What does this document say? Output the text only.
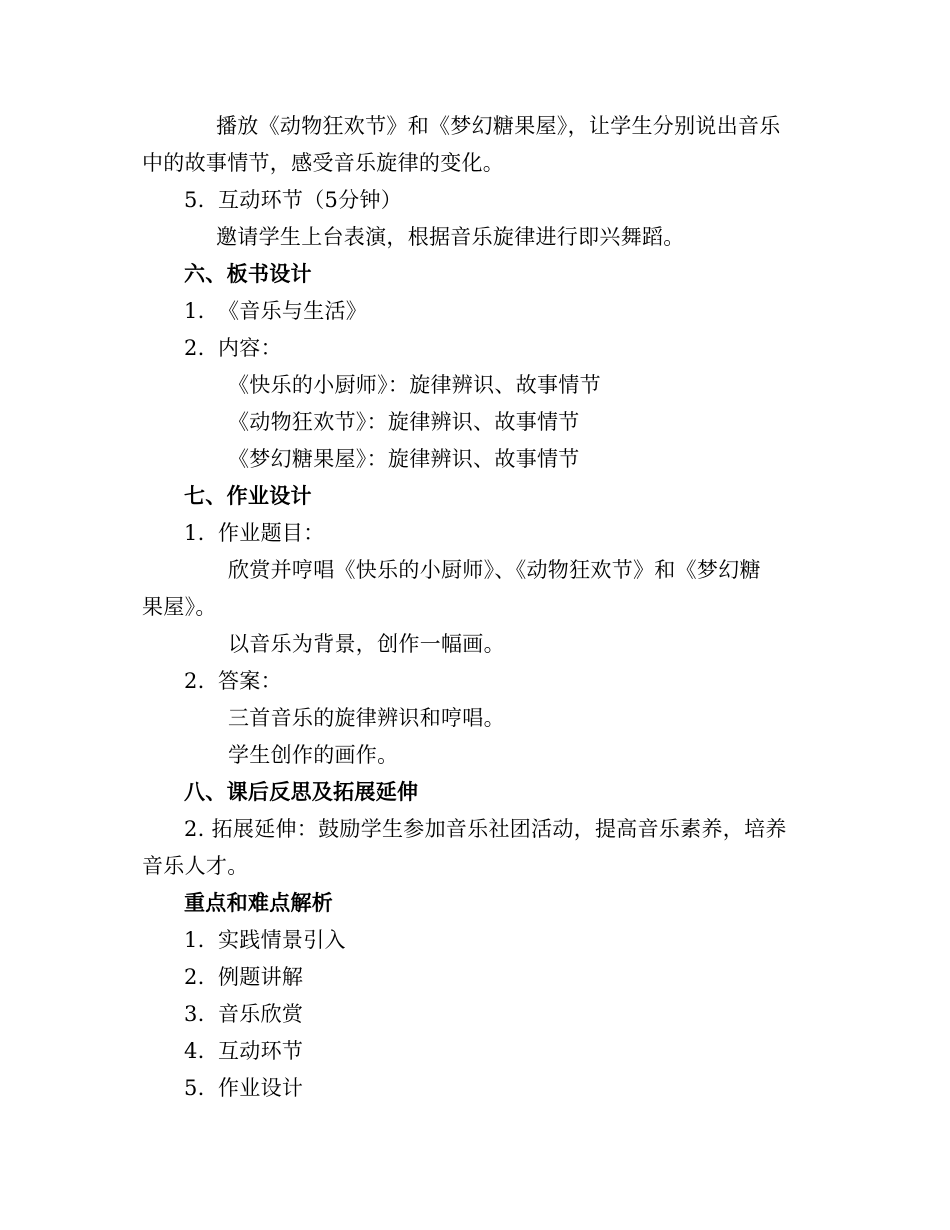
播放《动物狂欢节》和《梦幻糖果屋》，让学生分别说出音乐
中的故事情节，感受音乐旋律的变化。
5. 互动环节（5分钟）
邀请学生上台表演，根据音乐旋律进行即兴舞蹈。
六、板书设计
1. 《音乐与生活》
2. 内容：
《快乐的小厨师》：旋律辨识、故事情节
《动物狂欢节》：旋律辨识、故事情节
《梦幻糖果屋》：旋律辨识、故事情节
七、作业设计
1. 作业题目：
欣赏并哼唱《快乐的小厨师》、《动物狂欢节》和《梦幻糖
果屋》。
以音乐为背景，创作一幅画。
2. 答案：
三首音乐的旋律辨识和哼唱。
学生创作的画作。
八、课后反思及拓展延伸
2. 拓展延伸：鼓励学生参加音乐社团活动，提高音乐素养，培养
音乐人才。
重点和难点解析
1. 实践情景引入
2. 例题讲解
3. 音乐欣赏
4. 互动环节
5. 作业设计
